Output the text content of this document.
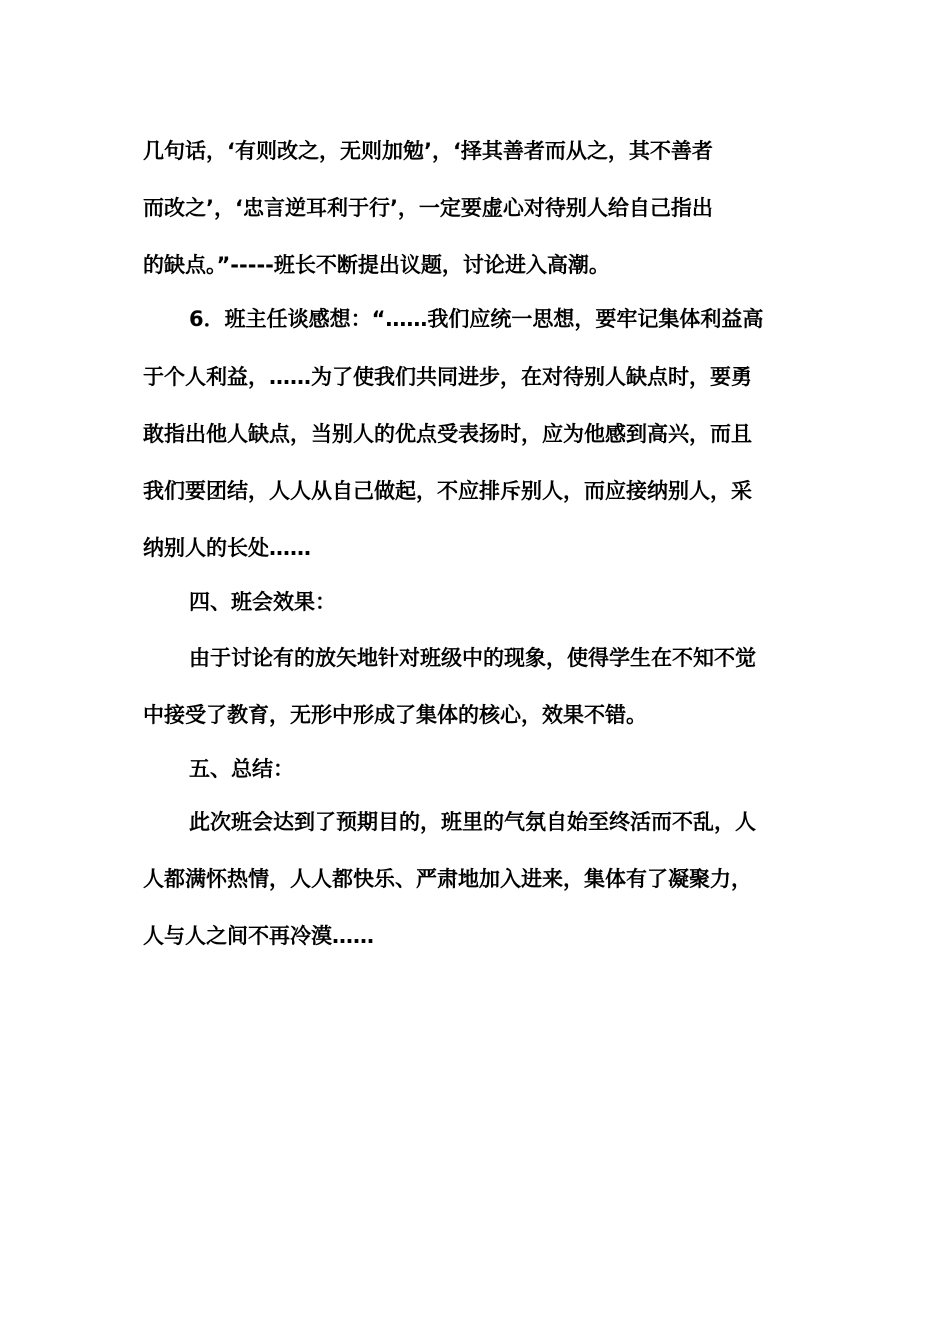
几句话，‘有则改之，无则加勉’，‘择其善者而从之，其不善者
而改之’，‘忠言逆耳利于行’，一定要虚心对待别人给自己指出
的缺点。”-----班长不断提出议题，讨论进入高潮。
6．班主任谈感想：“……我们应统一思想，要牢记集体利益高
于个人利益，……为了使我们共同进步，在对待别人缺点时，要勇
敢指出他人缺点，当别人的优点受表扬时，应为他感到高兴，而且
我们要团结，人人从自己做起，不应排斥别人，而应接纳别人，采
纳别人的长处……
四、班会效果：
由于讨论有的放矢地针对班级中的现象，使得学生在不知不觉
中接受了教育，无形中形成了集体的核心，效果不错。
五、总结：
此次班会达到了预期目的，班里的气氛自始至终活而不乱，人
人都满怀热情，人人都快乐、严肃地加入进来，集体有了凝聚力，
人与人之间不再冷漠……
